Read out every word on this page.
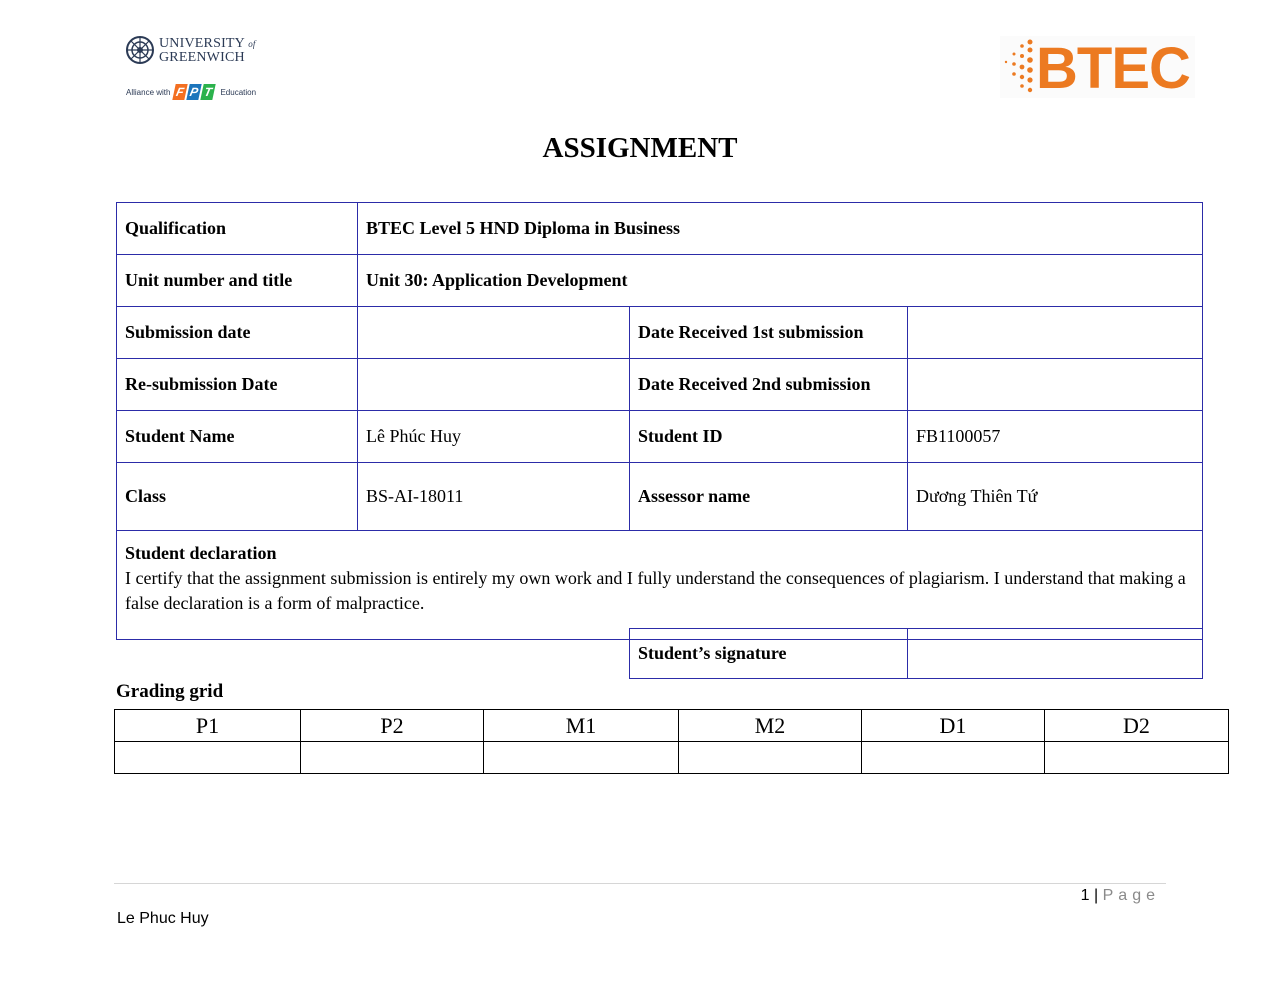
UNIVERSITY of
GREENWICH
Alliance with F P T Education	BTEC
ASSIGNMENT
Qualification	BTEC Level 5 HND Diploma in Business		
Unit number and title	Unit 30: Application Development		
Submission date		Date Received 1st submission	
Re-submission Date		Date Received 2nd submission	
Student Name	Lê Phúc Huy	Student ID	FB1100057
Class	BS-AI-18011	Assessor name	Dương Thiên Tứ

Student declaration
I certify that the assignment submission is entirely my own work and I fully understand the consequences of plagiarism. I understand that making a false declaration is a form of malpractice.			
Student’s signature	
Grading grid
P1	P2	M1	M2	D1	D2

1 | Page
Le Phuc Huy
